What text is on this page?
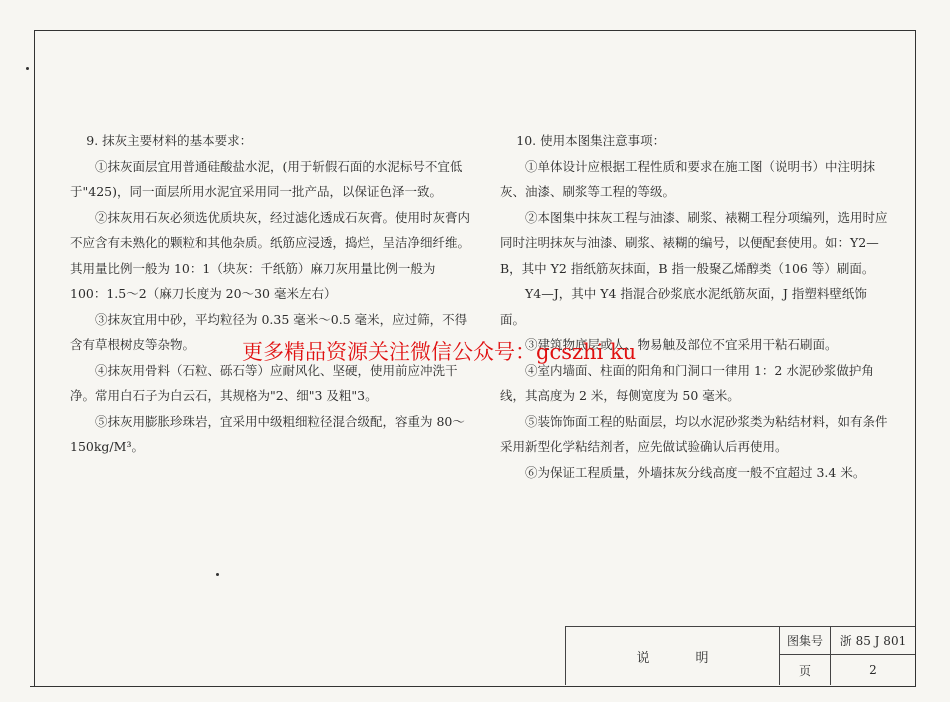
9. 抹灰主要材料的基本要求：

①抹灰面层宜用普通硅酸盐水泥，(用于斩假石面的水泥标号不宜低于"425)，同一面层所用水泥宜采用同一批产品，以保证色泽一致。

②抹灰用石灰必须选优质块灰，经过滤化透成石灰膏。使用时灰膏内不应含有未熟化的颗粒和其他杂质。纸筋应浸透，捣烂，呈洁净细纤维。其用量比例一般为 10：1（块灰：千纸筋）麻刀灰用量比例一般为 100：1.5～2（麻刀长度为 20～30 毫米左右）

③抹灰宜用中砂，平均粒径为 0.35 毫米～0.5 毫米，应过筛，不得含有草根树皮等杂物。

④抹灰用骨料（石粒、砾石等）应耐风化、坚硬，使用前应冲洗干净。常用白石子为白云石，其规格为"2、细"3 及粗"3。

⑤抹灰用膨胀珍珠岩，宜采用中级粗细粒径混合级配，容重为 80～150kg/M³。

10. 使用本图集注意事项：

①单体设计应根据工程性质和要求在施工图（说明书）中注明抹灰、油漆、刷浆等工程的等级。

②本图集中抹灰工程与油漆、刷浆、裱糊工程分项编列，选用时应同时注明抹灰与油漆、刷浆、裱糊的编号，以便配套使用。如：Y2—B，其中 Y2 指纸筋灰抹面，B 指一般聚乙烯醇类（106 等）刷面。

Y4—J，其中 Y4 指混合砂浆底水泥纸筋灰面，J 指塑料壁纸饰面。

③建筑物底层或人、物易触及部位不宜采用干粘石刷面。

④室内墙面、柱面的阳角和门洞口一律用 1：2 水泥砂浆做护角线，其高度为 2 米，每侧宽度为 50 毫米。

⑤装饰饰面工程的贴面层，均以水泥砂浆类为粘结材料，如有条件采用新型化学粘结剂者，应先做试验确认后再使用。

⑥为保证工程质量，外墙抹灰分线高度一般不宜超过 3.4 米。

更多精品资源关注微信公众号：gcszhi ku
说明
图集号	浙 85 J 801
页	2
